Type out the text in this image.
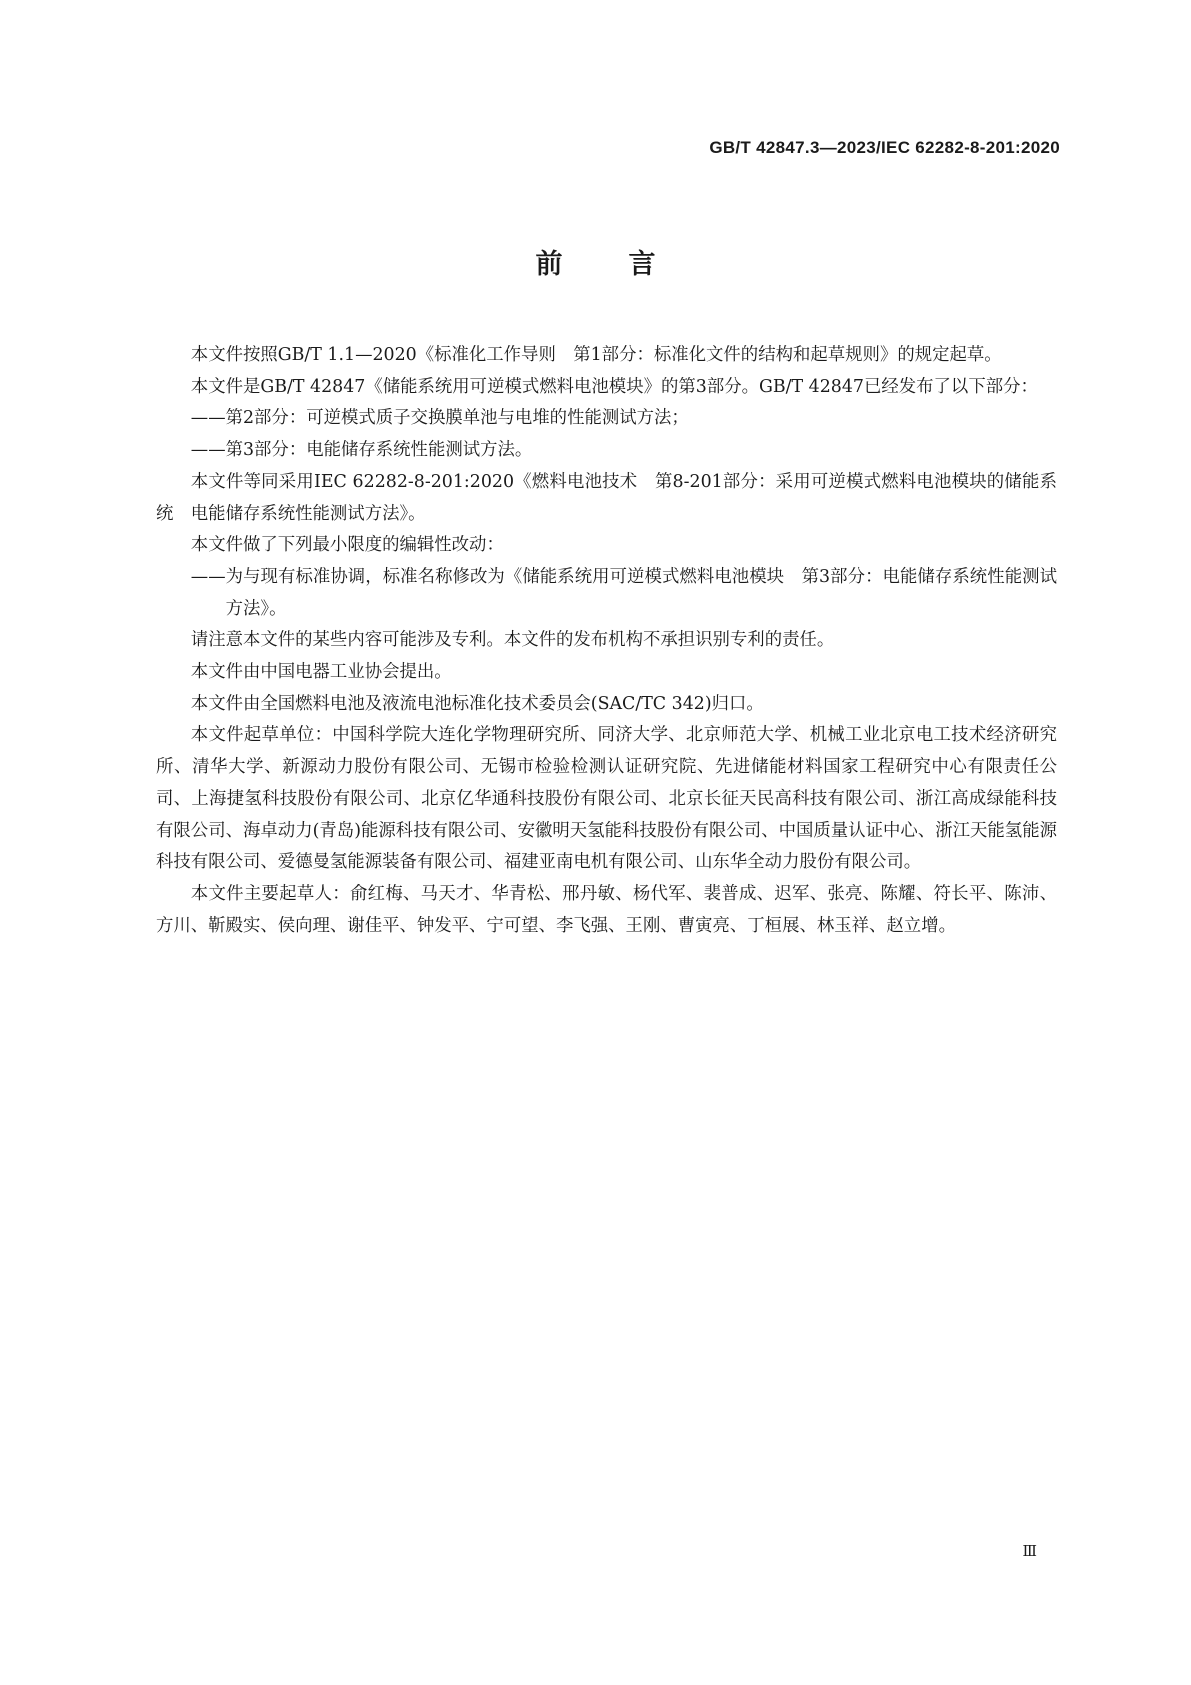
GB/T 42847.3—2023/IEC 62282-8-201:2020
前言

本文件按照GB/T 1.1—2020《标准化工作导则　第1部分：标准化文件的结构和起草规则》的规定起草。

本文件是GB/T 42847《储能系统用可逆模式燃料电池模块》的第3部分。GB/T 42847已经发布了以下部分：

——第2部分：可逆模式质子交换膜单池与电堆的性能测试方法；

——第3部分：电能储存系统性能测试方法。

本文件等同采用IEC 62282-8-201:2020《燃料电池技术　第8-201部分：采用可逆模式燃料电池模块的储能系统　电能储存系统性能测试方法》。

本文件做了下列最小限度的编辑性改动：

——为与现有标准协调，标准名称修改为《储能系统用可逆模式燃料电池模块　第3部分：电能储存系统性能测试方法》。

请注意本文件的某些内容可能涉及专利。本文件的发布机构不承担识别专利的责任。

本文件由中国电器工业协会提出。

本文件由全国燃料电池及液流电池标准化技术委员会(SAC/TC 342)归口。

本文件起草单位：中国科学院大连化学物理研究所、同济大学、北京师范大学、机械工业北京电工技术经济研究所、清华大学、新源动力股份有限公司、无锡市检验检测认证研究院、先进储能材料国家工程研究中心有限责任公司、上海捷氢科技股份有限公司、北京亿华通科技股份有限公司、北京长征天民高科技有限公司、浙江高成绿能科技有限公司、海卓动力(青岛)能源科技有限公司、安徽明天氢能科技股份有限公司、中国质量认证中心、浙江天能氢能源科技有限公司、爱德曼氢能源装备有限公司、福建亚南电机有限公司、山东华全动力股份有限公司。

本文件主要起草人：俞红梅、马天才、华青松、邢丹敏、杨代军、裴普成、迟军、张亮、陈耀、符长平、陈沛、方川、靳殿实、侯向理、谢佳平、钟发平、宁可望、李飞强、王刚、曹寅亮、丁桓展、林玉祥、赵立增。

Ⅲ
